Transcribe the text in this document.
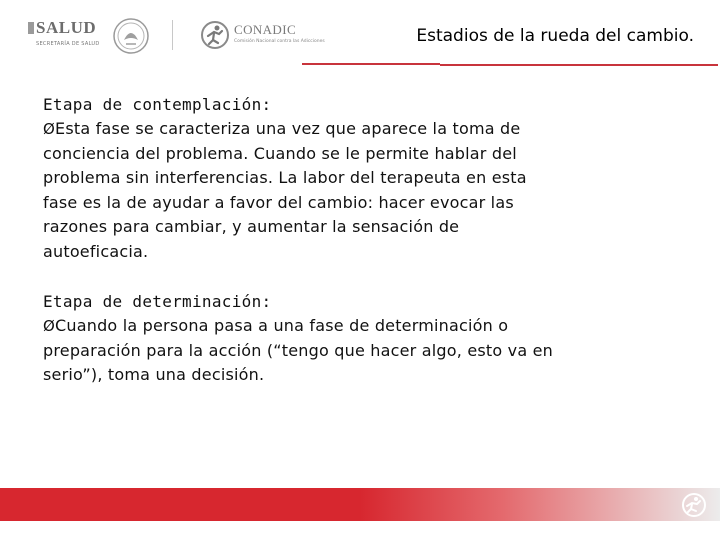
SALUD
SECRETARÍA DE SALUD
CONADIC
Comisión Nacional contra las Adicciones	Estadios de la rueda del cambio.

Etapa de contemplación:

ØEsta fase se caracteriza una vez que aparece la toma de
conciencia del problema. Cuando se le permite hablar del
problema sin interferencias. La labor del terapeuta en esta
fase es la de ayudar a favor del cambio: hacer evocar las
razones para cambiar, y aumentar la sensación de
autoeficacia.

Etapa de determinación:

ØCuando la persona pasa a una fase de determinación o
preparación para la acción (“tengo que hacer algo, esto va en
serio”), toma una decisión.
